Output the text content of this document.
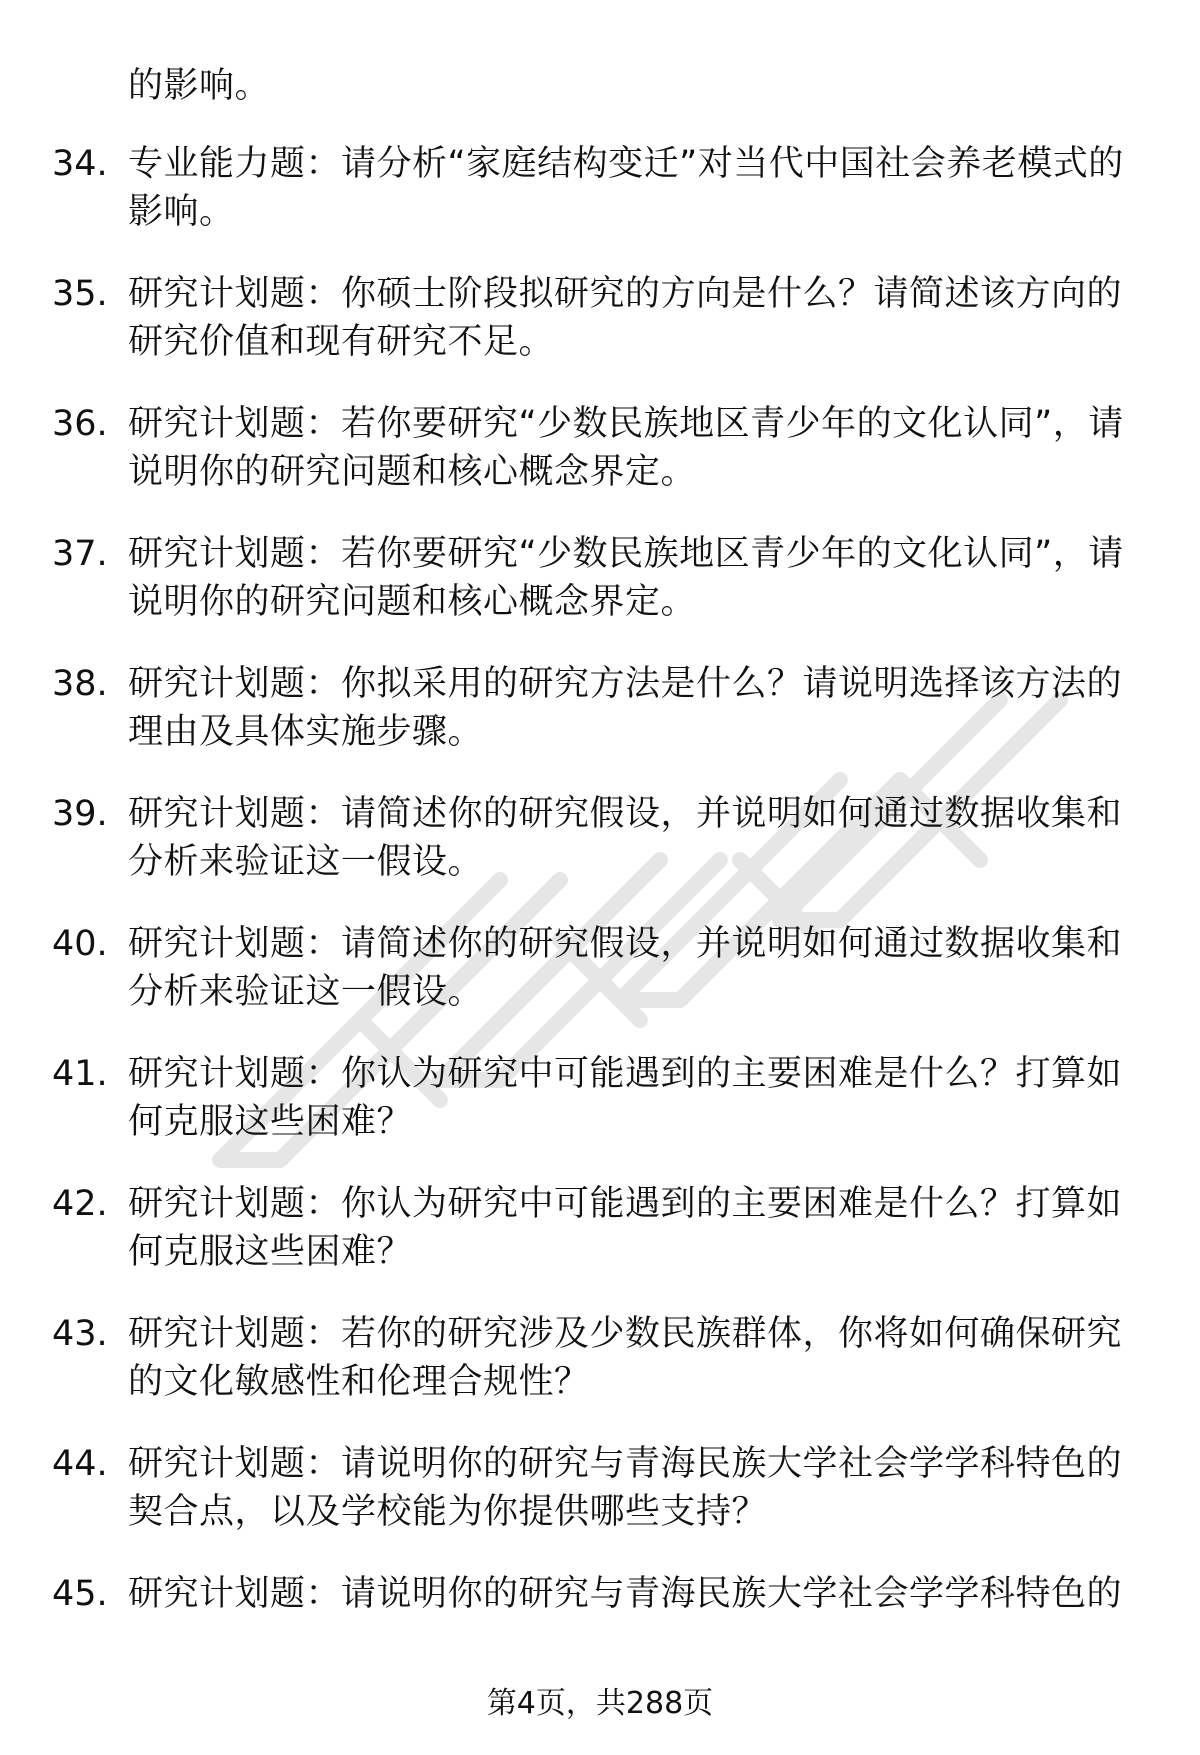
的影响。
34. 专业能力题：请分析“家庭结构变迁”对当代中国社会养老模式的影响。
35. 研究计划题：你硕士阶段拟研究的方向是什么？请简述该方向的研究价值和现有研究不足。
36. 研究计划题：若你要研究“少数民族地区青少年的文化认同”，请说明你的研究问题和核心概念界定。
37. 研究计划题：若你要研究“少数民族地区青少年的文化认同”，请说明你的研究问题和核心概念界定。
38. 研究计划题：你拟采用的研究方法是什么？请说明选择该方法的理由及具体实施步骤。
39. 研究计划题：请简述你的研究假设，并说明如何通过数据收集和分析来验证这一假设。
40. 研究计划题：请简述你的研究假设，并说明如何通过数据收集和分析来验证这一假设。
41. 研究计划题：你认为研究中可能遇到的主要困难是什么？打算如何克服这些困难？
42. 研究计划题：你认为研究中可能遇到的主要困难是什么？打算如何克服这些困难？
43. 研究计划题：若你的研究涉及少数民族群体，你将如何确保研究的文化敏感性和伦理合规性？
44. 研究计划题：请说明你的研究与青海民族大学社会学学科特色的契合点，以及学校能为你提供哪些支持？
45. 研究计划题：请说明你的研究与青海民族大学社会学学科特色的
第4页，共288页
